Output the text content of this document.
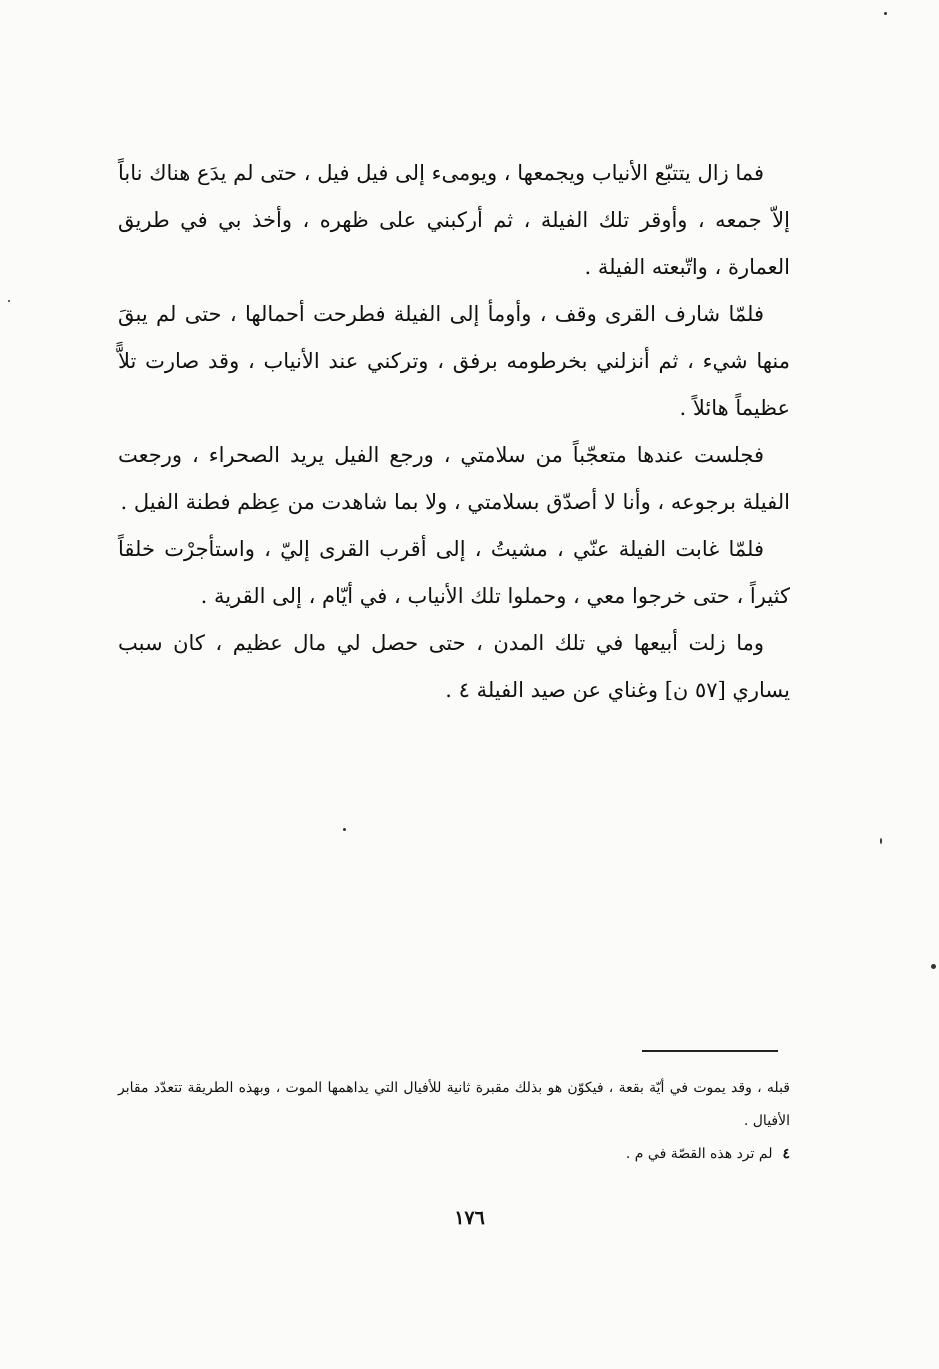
فما زال يتتبّع الأنياب ويجمعها ، ويومىء إلى فيل فيل ، حتى لم يدَع هناك ناباً إلاّ جمعه ، وأوقر تلك الفيلة ، ثم أركبني على ظهره ، وأخذ بي في طريق العمارة ، واتّبعته الفيلة .

فلمّا شارف القرى وقف ، وأومأ إلى الفيلة فطرحت أحمالها ، حتى لم يبقَ منها شيء ، ثم أنزلني بخرطومه برفق ، وتركني عند الأنياب ، وقد صارت تلاًّ عظيماً هائلاً .

فجلست عندها متعجّباً من سلامتي ، ورجع الفيل يريد الصحراء ، ورجعت الفيلة برجوعه ، وأنا لا أصدّق بسلامتي ، ولا بما شاهدت من عِظم فطنة الفيل .

فلمّا غابت الفيلة عنّي ، مشيتُ ، إلى أقرب القرى إليّ ، واستأجرْت خلقاً كثيراً ، حتى خرجوا معي ، وحملوا تلك الأنياب ، في أيّام ، إلى القرية .

وما زلت أبيعها في تلك المدن ، حتى حصل لي مال عظيم ، كان سبب يساري [٥٧ ن] وغناي عن صيد الفيلة ٤ .

قبله ، وقد يموت في أيّة بقعة ، فيكوّن هو بذلك مقبرة ثانية للأفيال التي يداهمها الموت ، وبهذه الطريقة تتعدّد مقابر الأفيال .

٤لم ترد هذه القصّة في م .

١٧٦
